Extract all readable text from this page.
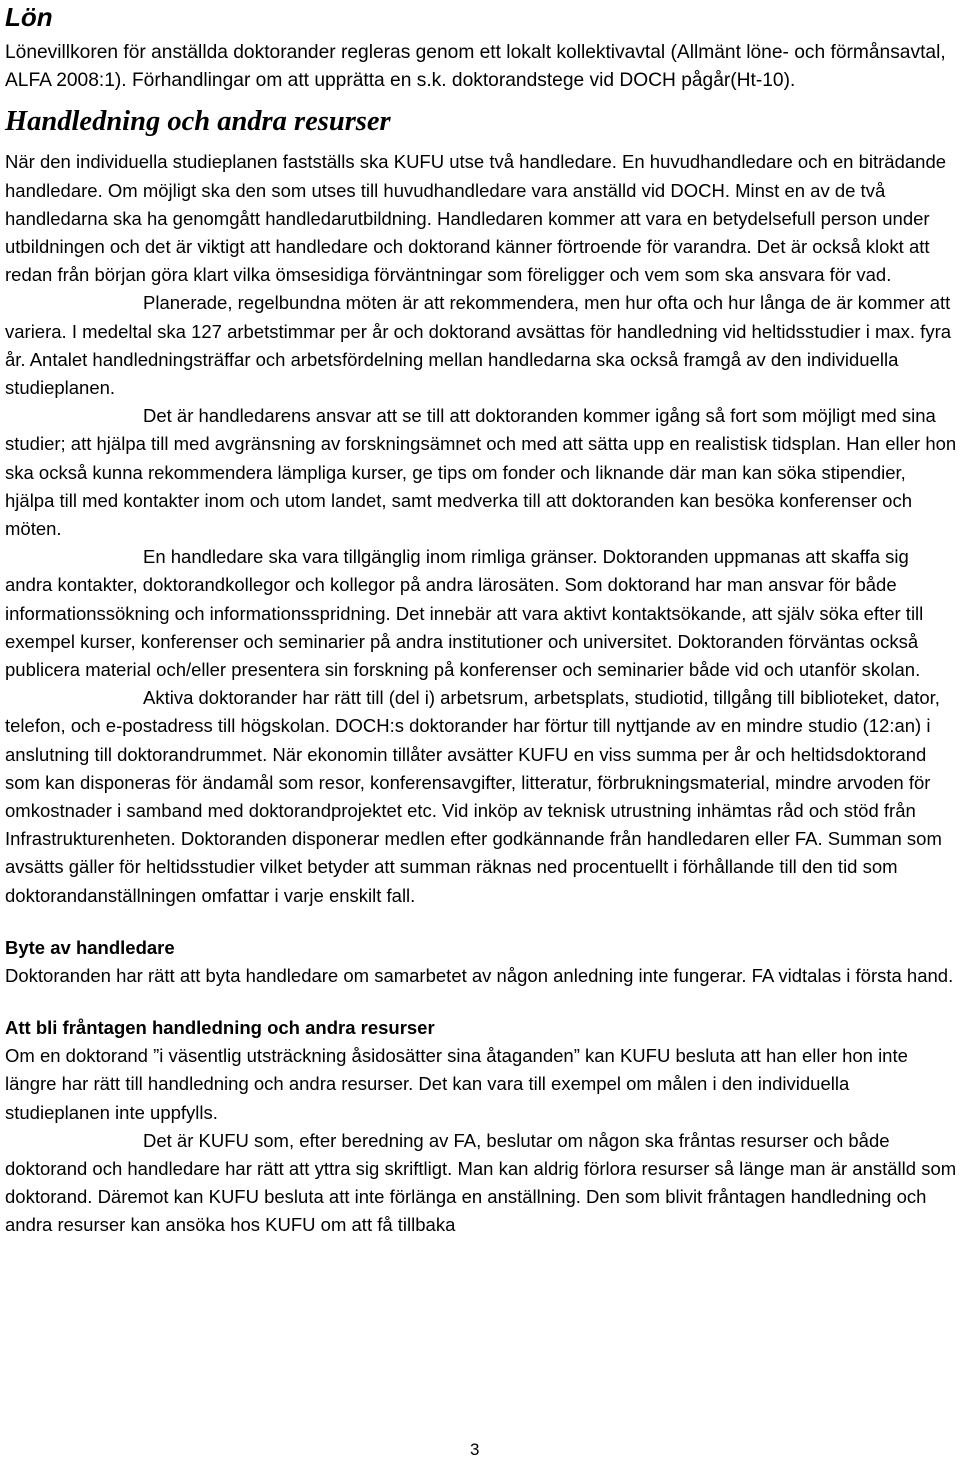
Lön

Lönevillkoren för anställda doktorander regleras genom ett lokalt kollektivavtal (Allmänt löne- och förmånsavtal, ALFA 2008:1). Förhandlingar om att upprätta en s.k. doktorandstege vid DOCH pågår(Ht-10).

Handledning och andra resurser

När den individuella studieplanen fastställs ska KUFU utse två handledare. En huvudhandledare och en biträdande handledare. Om möjligt ska den som utses till huvudhandledare vara anställd vid DOCH. Minst en av de två handledarna ska ha genomgått handledarutbildning. Handledaren kommer att vara en betydelsefull person under utbildningen och det är viktigt att handledare och doktorand känner förtroende för varandra. Det är också klokt att redan från början göra klart vilka ömsesidiga förväntningar som föreligger och vem som ska ansvara för vad.

Planerade, regelbundna möten är att rekommendera, men hur ofta och hur långa de är kommer att variera. I medeltal ska 127 arbetstimmar per år och doktorand avsättas för handledning vid heltidsstudier i max. fyra år. Antalet handledningsträffar och arbetsfördelning mellan handledarna ska också framgå av den individuella studieplanen.

Det är handledarens ansvar att se till att doktoranden kommer igång så fort som möjligt med sina studier; att hjälpa till med avgränsning av forskningsämnet och med att sätta upp en realistisk tidsplan. Han eller hon ska också kunna rekommendera lämpliga kurser, ge tips om fonder och liknande där man kan söka stipendier, hjälpa till med kontakter inom och utom landet, samt medverka till att doktoranden kan besöka konferenser och möten.

En handledare ska vara tillgänglig inom rimliga gränser. Doktoranden uppmanas att skaffa sig andra kontakter, doktorandkollegor och kollegor på andra lärosäten. Som doktorand har man ansvar för både informationssökning och informationsspridning. Det innebär att vara aktivt kontaktsökande, att själv söka efter till exempel kurser, konferenser och seminarier på andra institutioner och universitet. Doktoranden förväntas också publicera material och/eller presentera sin forskning på konferenser och seminarier både vid och utanför skolan.

Aktiva doktorander har rätt till (del i) arbetsrum, arbetsplats, studiotid, tillgång till biblioteket, dator, telefon, och e-postadress till högskolan. DOCH:s doktorander har förtur till nyttjande av en mindre studio (12:an) i anslutning till doktorandrummet. När ekonomin tillåter avsätter KUFU en viss summa per år och heltidsdoktorand som kan disponeras för ändamål som resor, konferensavgifter, litteratur, förbrukningsmaterial, mindre arvoden för omkostnader i samband med doktorandprojektet etc. Vid inköp av teknisk utrustning inhämtas råd och stöd från Infrastrukturenheten. Doktoranden disponerar medlen efter godkännande från handledaren eller FA. Summan som avsätts gäller för heltidsstudier vilket betyder att summan räknas ned procentuellt i förhållande till den tid som doktorandanställningen omfattar i varje enskilt fall.

Byte av handledare

Doktoranden har rätt att byta handledare om samarbetet av någon anledning inte fungerar. FA vidtalas i första hand.

Att bli fråntagen handledning och andra resurser

Om en doktorand ”i väsentlig utsträckning åsidosätter sina åtaganden” kan KUFU besluta att han eller hon inte längre har rätt till handledning och andra resurser. Det kan vara till exempel om målen i den individuella studieplanen inte uppfylls.

Det är KUFU som, efter beredning av FA, beslutar om någon ska fråntas resurser och både doktorand och handledare har rätt att yttra sig skriftligt. Man kan aldrig förlora resurser så länge man är anställd som doktorand. Däremot kan KUFU besluta att inte förlänga en anställning. Den som blivit fråntagen handledning och andra resurser kan ansöka hos KUFU om att få tillbaka

3
